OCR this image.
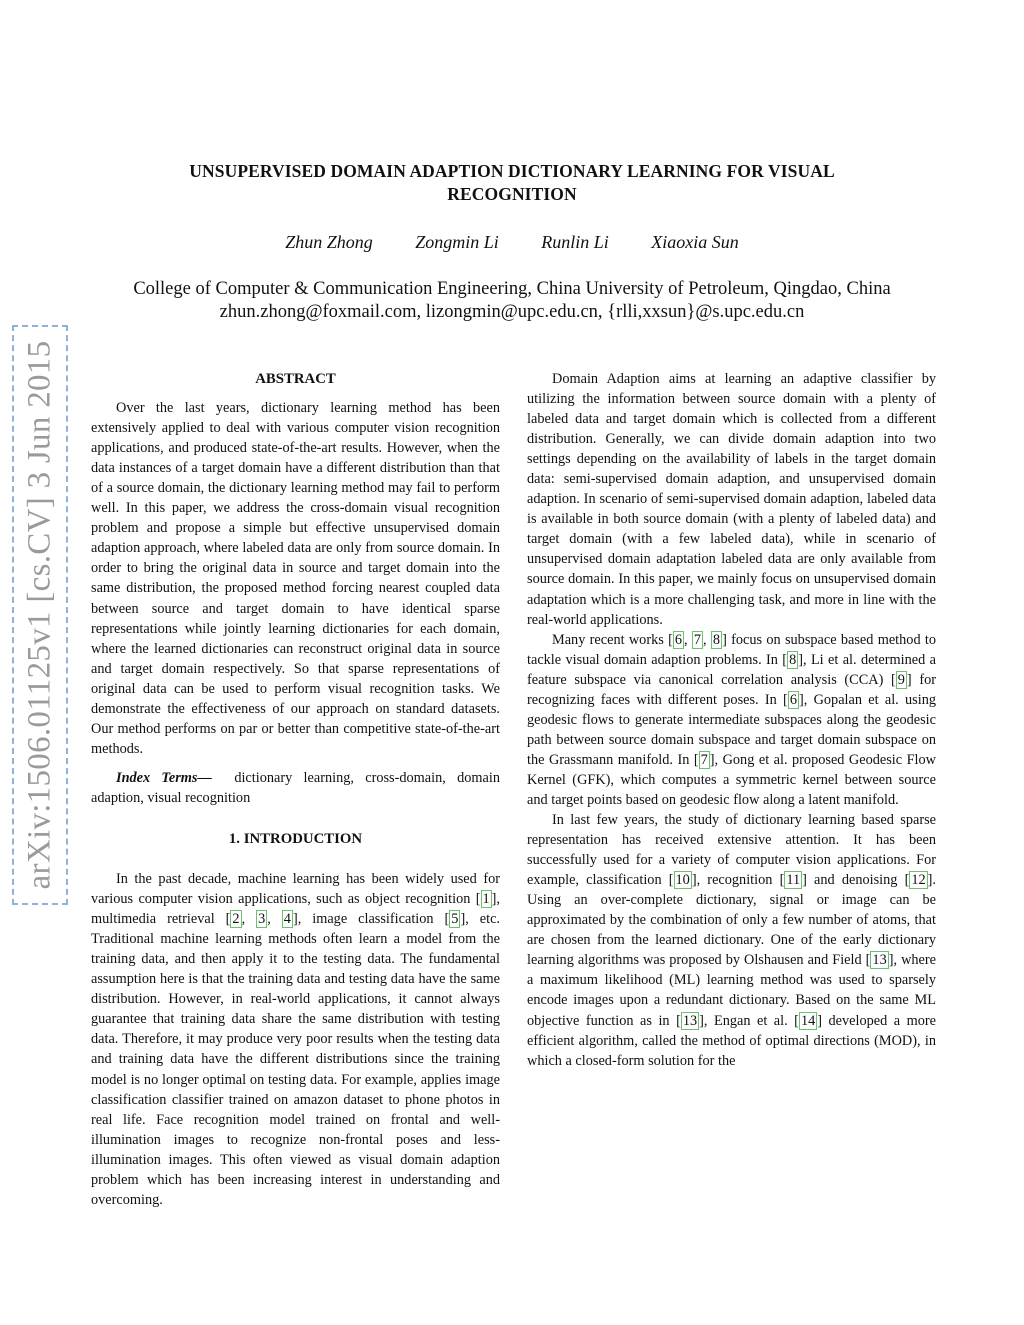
UNSUPERVISED DOMAIN ADAPTION DICTIONARY LEARNING FOR VISUAL
RECOGNITION
Zhun Zhong Zongmin Li Runlin Li Xiaoxia Sun
College of Computer & Communication Engineering, China University of Petroleum, Qingdao, China
zhun.zhong@foxmail.com, lizongmin@upc.edu.cn, {rlli,xxsun}@s.upc.edu.cn
arXiv:1506.01125v1 [cs.CV] 3 Jun 2015	ABSTRACT

Over the last years, dictionary learning method has been extensively applied to deal with various computer vision recognition applications, and produced state-of-the-art results. However, when the data instances of a target domain have a different distribution than that of a source domain, the dictionary learning method may fail to perform well. In this paper, we address the cross-domain visual recognition problem and propose a simple but effective unsupervised domain adaption approach, where labeled data are only from source domain. In order to bring the original data in source and target domain into the same distribution, the proposed method forcing nearest coupled data between source and target domain to have identical sparse representations while jointly learning dictionaries for each domain, where the learned dictionaries can reconstruct original data in source and target domain respectively. So that sparse representations of original data can be used to perform visual recognition tasks. We demonstrate the effectiveness of our approach on standard datasets. Our method performs on par or better than competitive state-of-the-art methods.

Index Terms— dictionary learning, cross-domain, domain adaption, visual recognition

1. INTRODUCTION

In the past decade, machine learning has been widely used for various computer vision applications, such as object recognition [ 1 ], multimedia retrieval [ 2 , 3 , 4 ], image classification [ 5 ], etc. Traditional machine learning methods often learn a model from the training data, and then apply it to the testing data. The fundamental assumption here is that the training data and testing data have the same distribution. However, in real-world applications, it cannot always guarantee that training data share the same distribution with testing data. Therefore, it may produce very poor results when the testing data and training data have the different distributions since the training model is no longer optimal on testing data. For example, applies image classification classifier trained on amazon dataset to phone photos in real life. Face recognition model trained on frontal and well-illumination images to recognize non-frontal poses and less-illumination images. This often viewed as visual domain adaption problem which has been increasing interest in understanding and overcoming.

Domain Adaption aims at learning an adaptive classifier by utilizing the information between source domain with a plenty of labeled data and target domain which is collected from a different distribution. Generally, we can divide domain adaption into two settings depending on the availability of labels in the target domain data: semi-supervised domain adaption, and unsupervised domain adaption. In scenario of semi-supervised domain adaption, labeled data is available in both source domain (with a plenty of labeled data) and target domain (with a few labeled data), while in scenario of unsupervised domain adaptation labeled data are only available from source domain. In this paper, we mainly focus on unsupervised domain adaptation which is a more challenging task, and more in line with the real-world applications.

Many recent works [ 6 , 7 , 8 ] focus on subspace based method to tackle visual domain adaption problems. In [ 8 ], Li et al. determined a feature subspace via canonical correlation analysis (CCA) [ 9 ] for recognizing faces with different poses. In [ 6 ], Gopalan et al. using geodesic flows to generate intermediate subspaces along the geodesic path between source domain subspace and target domain subspace on the Grassmann manifold. In [ 7 ], Gong et al. proposed Geodesic Flow Kernel (GFK), which computes a symmetric kernel between source and target points based on geodesic flow along a latent manifold.

In last few years, the study of dictionary learning based sparse representation has received extensive attention. It has been successfully used for a variety of computer vision applications. For example, classification [ 10 ], recognition [ 11 ] and denoising [ 12 ]. Using an over-complete dictionary, signal or image can be approximated by the combination of only a few number of atoms, that are chosen from the learned dictionary. One of the early dictionary learning algorithms was proposed by Olshausen and Field [ 13 ], where a maximum likelihood (ML) learning method was used to sparsely encode images upon a redundant dictionary. Based on the same ML objective function as in [ 13 ], Engan et al. [ 14 ] developed a more efficient algorithm, called the method of optimal directions (MOD), in which a closed-form solution for the
